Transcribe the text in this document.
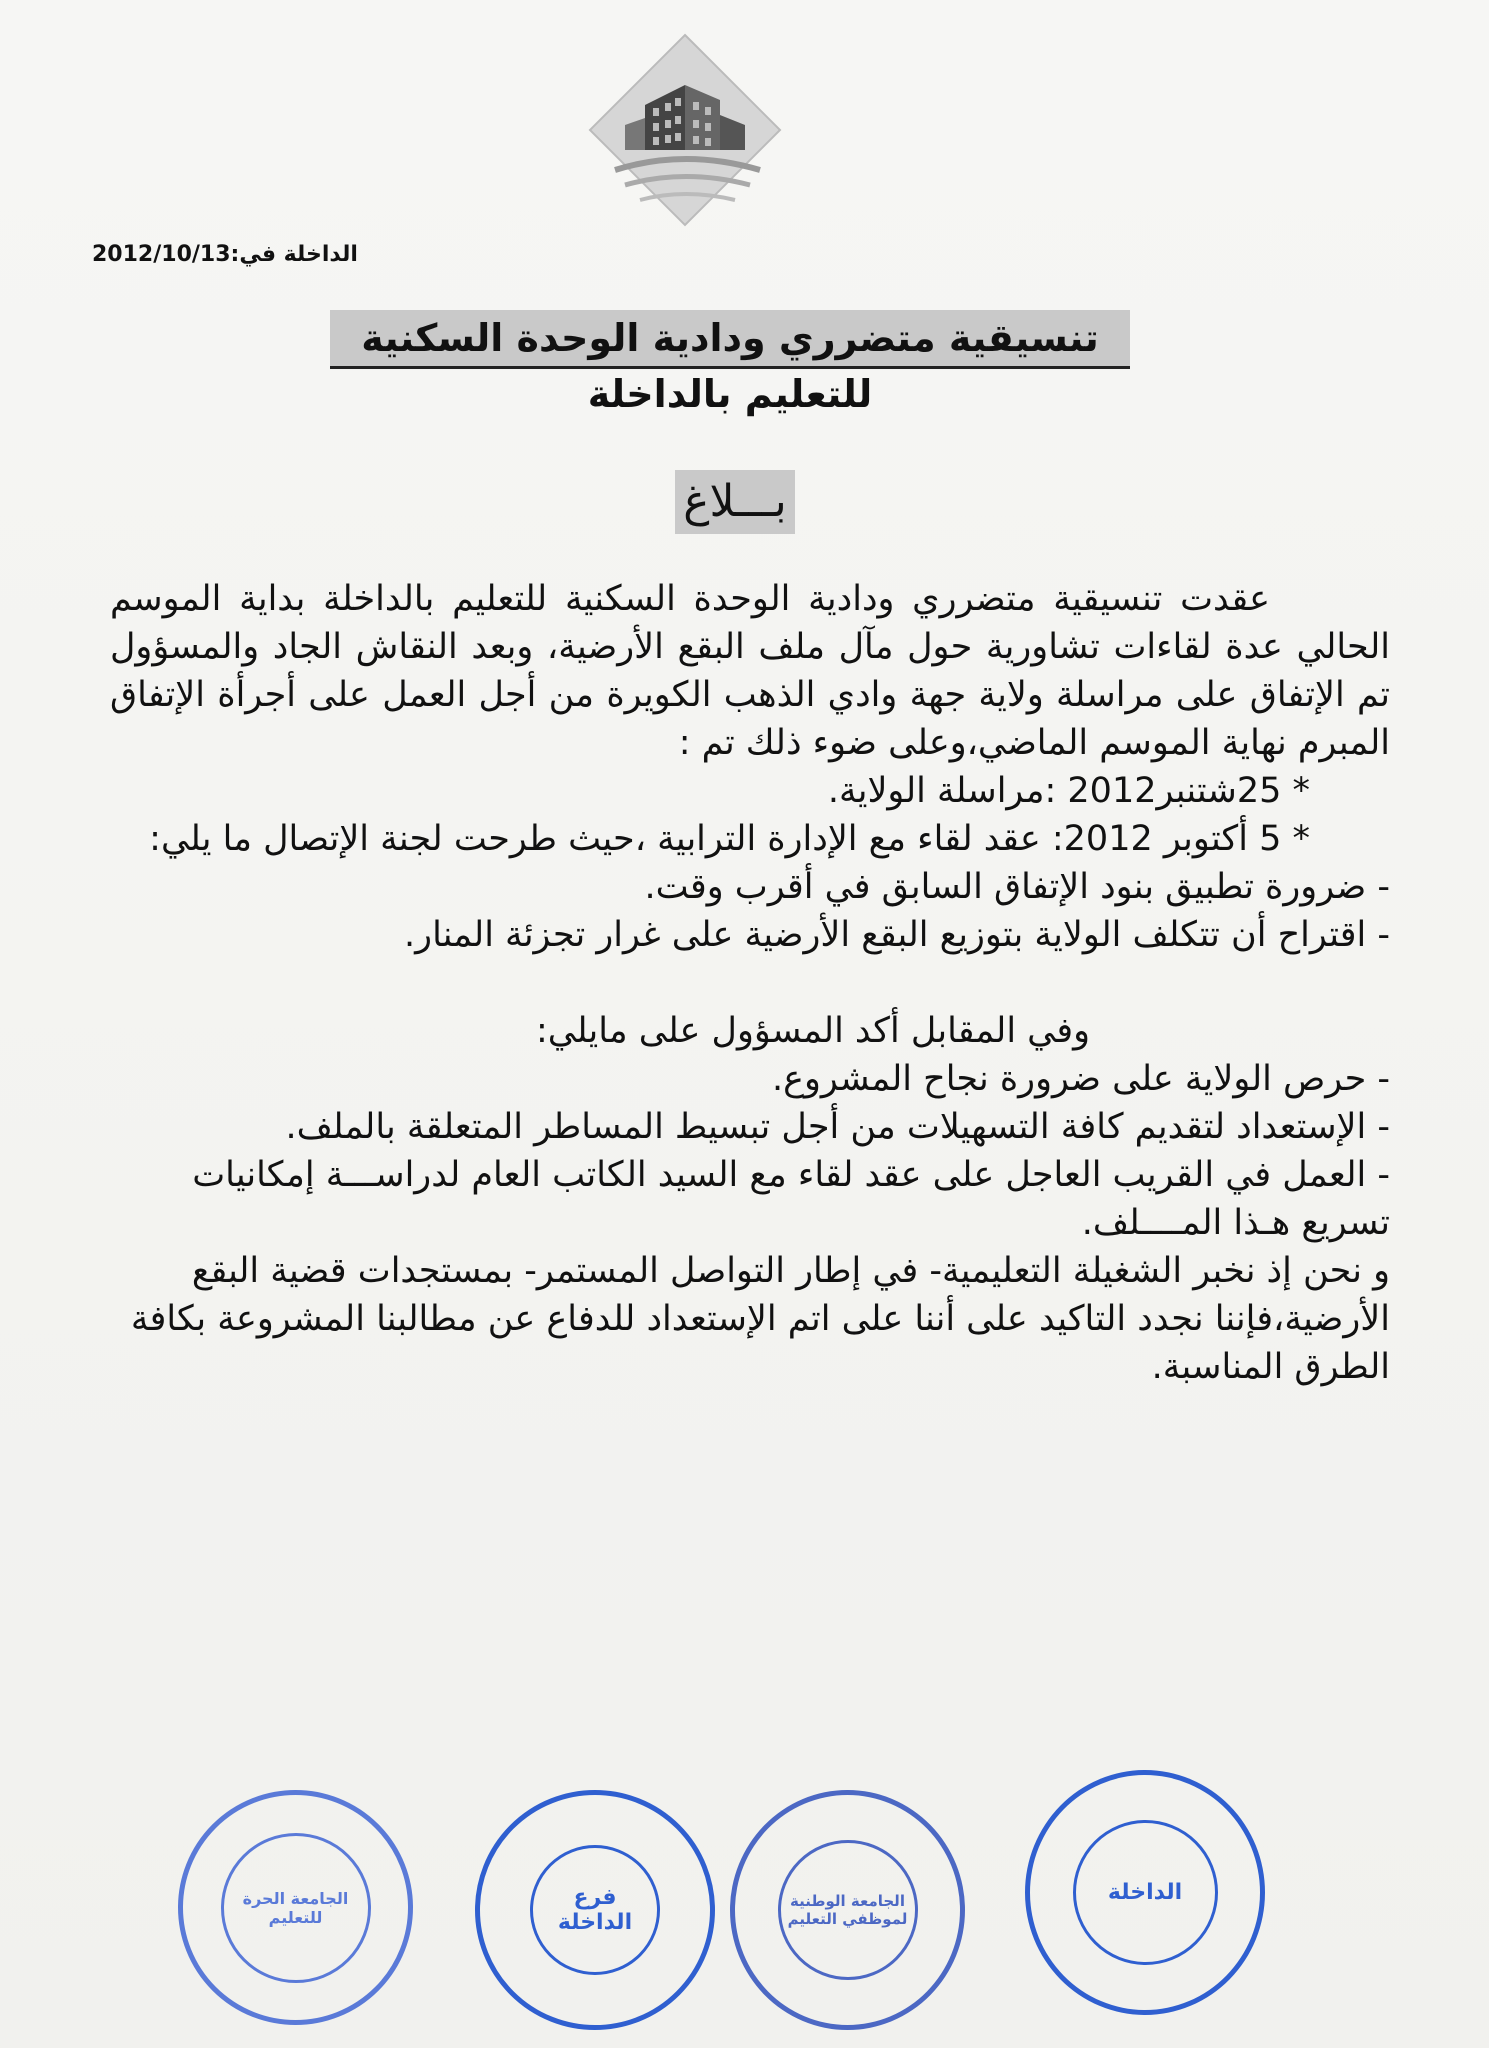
الداخلة في:2012/10/13
تنسيقية متضرري ودادية الوحدة السكنية للتعليم بالداخلة
بـــلاغ

عقدت تنسيقية متضرري ودادية الوحدة السكنية للتعليم بالداخلة بداية الموسم الحالي عدة لقاءات تشاورية حول مآل ملف البقع الأرضية، وبعد النقاش الجاد والمسؤول تم الإتفاق على مراسلة ولاية جهة وادي الذهب الكويرة من أجل العمل على أجرأة الإتفاق المبرم نهاية الموسم الماضي،وعلى ضوء ذلك تم :

* 25شتنبر2012 :مراسلة الولاية.

* 5 أكتوبر 2012: عقد لقاء مع الإدارة الترابية ،حيث طرحت لجنة الإتصال ما يلي:

- ضرورة تطبيق بنود الإتفاق السابق في أقرب وقت.

- اقتراح أن تتكلف الولاية بتوزيع البقع الأرضية على غرار تجزئة المنار.

وفي المقابل أكد المسؤول على مايلي:

- حرص الولاية على ضرورة نجاح المشروع.

- الإستعداد لتقديم كافة التسهيلات من أجل تبسيط المساطر المتعلقة بالملف.

- العمل في القريب العاجل على عقد لقاء مع السيد الكاتب العام لدراســـة إمكانيات تسريع هـذا المــــلف.

و نحن إذ نخبر الشغيلة التعليمية- في إطار التواصل المستمر- بمستجدات قضية البقع الأرضية،فإننا نجدد التاكيد على أننا على اتم الإستعداد للدفاع عن مطالبنا المشروعة بكافة الطرق المناسبة.

الجامعة الحرة للتعليم
فرع الداخلة
الجامعة الوطنية لموظفي التعليم
الداخلة
